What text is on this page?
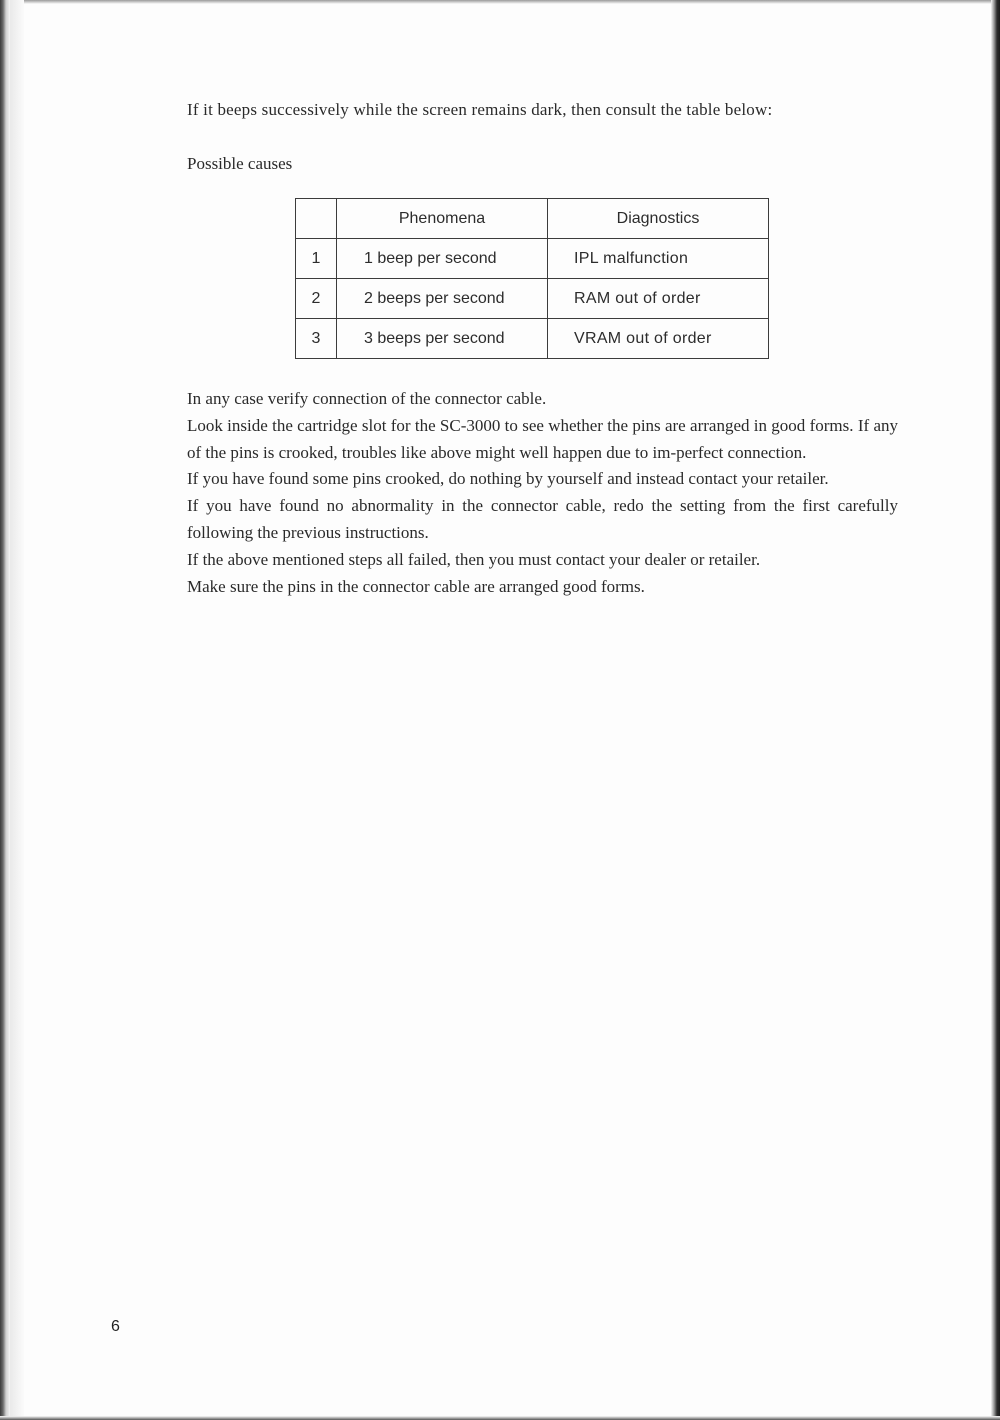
If it beeps successively while the screen remains dark, then consult the table below:

Possible causes

	Phenomena	Diagnostics
1	1 beep per second	IPL malfunction
2	2 beeps per second	RAM out of order
3	3 beeps per second	VRAM out of order

In any case verify connection of the connector cable.

Look inside the cartridge slot for the SC-3000 to see whether the pins are arranged in good forms. If any of the pins is crooked, troubles like above might well happen due to im-perfect connection.

If you have found some pins crooked, do nothing by yourself and instead contact your retailer.

If you have found no abnormality in the connector cable, redo the setting from the first carefully following the previous instructions.

If the above mentioned steps all failed, then you must contact your dealer or retailer.

Make sure the pins in the connector cable are arranged good forms.

6
